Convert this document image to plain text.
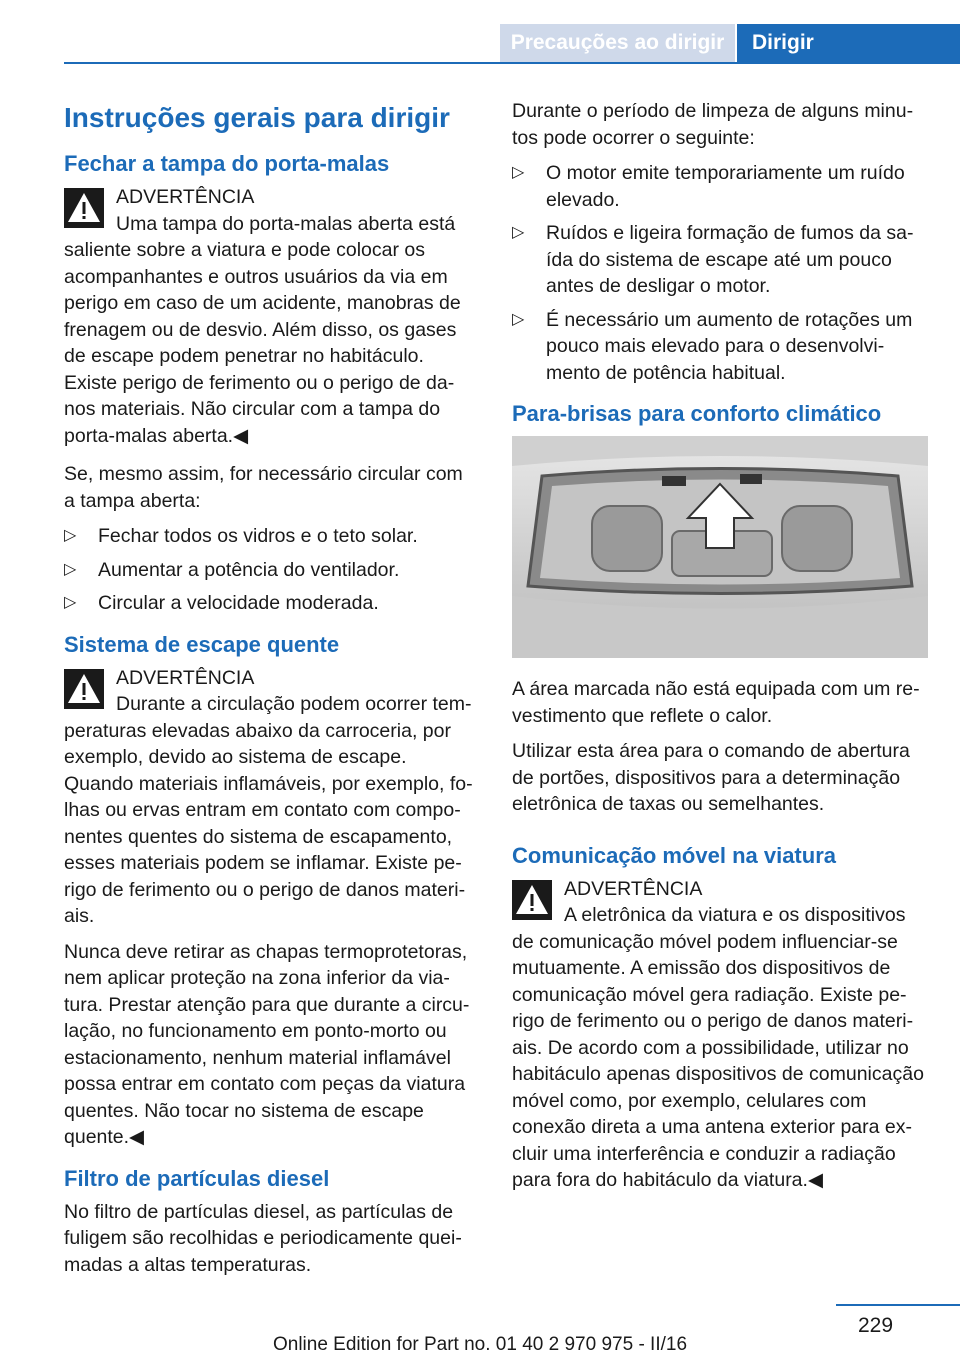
Precauções ao dirigir	Dirigir
Instruções gerais para dirigir
Fechar a tampa do porta-malas
ADVERTÊNCIA
Uma tampa do porta-malas aberta está saliente sobre a viatura e pode colocar os acompanhantes e outros usuários da via em perigo em caso de um acidente, manobras de frenagem ou de desvio. Além disso, os gases de escape podem penetrar no habitáculo. Existe perigo de ferimento ou o perigo de danos materiais. Não circular com a tampa do porta-malas aberta.◀

Se, mesmo assim, for necessário circular com a tampa aberta:

▷ Fechar todos os vidros e o teto solar.
▷ Aumentar a potência do ventilador.
▷ Circular a velocidade moderada.
Sistema de escape quente
ADVERTÊNCIA
Durante a circulação podem ocorrer temperaturas elevadas abaixo da carroceria, por exemplo, devido ao sistema de escape. Quando materiais inflamáveis, por exemplo, folhas ou ervas entram em contato com componentes quentes do sistema de escapamento, esses materiais podem se inflamar. Existe perigo de ferimento ou o perigo de danos materiais.

Nunca deve retirar as chapas termoprotetoras, nem aplicar proteção na zona inferior da viatura. Prestar atenção para que durante a circulação, no funcionamento em ponto-morto ou estacionamento, nenhum material inflamável possa entrar em contato com peças da viatura quentes. Não tocar no sistema de escape quente.◀

Filtro de partículas diesel

No filtro de partículas diesel, as partículas de fuligem são recolhidas e periodicamente queimadas a altas temperaturas.

Durante o período de limpeza de alguns minutos pode ocorrer o seguinte:

▷ O motor emite temporariamente um ruído elevado.
▷ Ruídos e ligeira formação de fumos da saída do sistema de escape até um pouco antes de desligar o motor.
▷ É necessário um aumento de rotações um pouco mais elevado para o desenvolvimento de potência habitual.
Para-brisas para conforto climático

A área marcada não está equipada com um revestimento que reflete o calor.

Utilizar esta área para o comando de abertura de portões, dispositivos para a determinação eletrônica de taxas ou semelhantes.

Comunicação móvel na viatura
ADVERTÊNCIA
A eletrônica da viatura e os dispositivos de comunicação móvel podem influenciar-se mutuamente. A emissão dos dispositivos de comunicação móvel gera radiação. Existe perigo de ferimento ou o perigo de danos materiais. De acordo com a possibilidade, utilizar no habitáculo apenas dispositivos de comunicação móvel como, por exemplo, celulares com conexão direta a uma antena exterior para excluir uma interferência e conduzir a radiação para fora do habitáculo da viatura.◀
229
Online Edition for Part no. 01 40 2 970 975 - II/16
